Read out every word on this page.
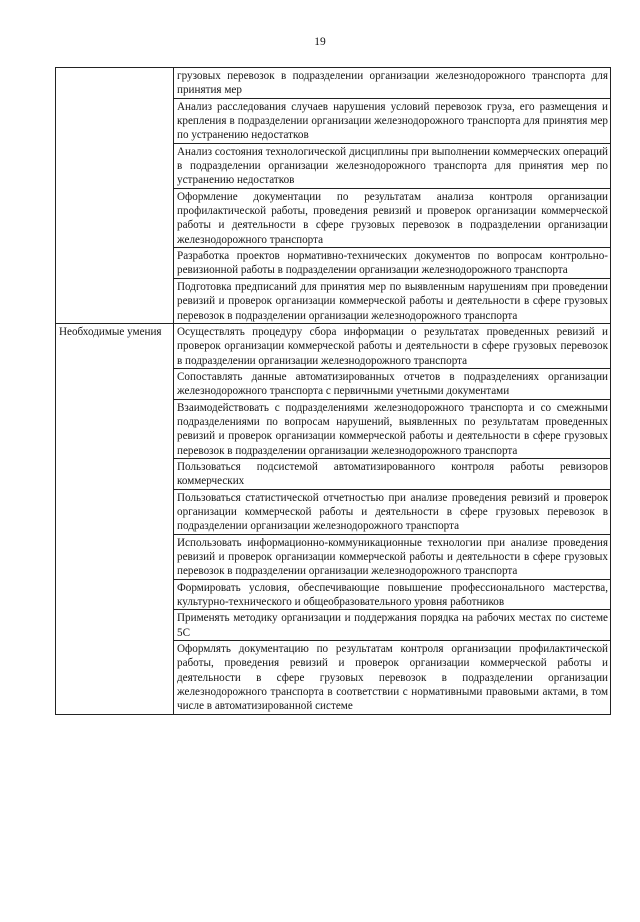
19

	грузовых перевозок в подразделении организации железнодорожного транспорта для принятия мер

	Анализ расследования случаев нарушения условий перевозок груза, его размещения и крепления в подразделении организации железнодорожного транспорта для принятия мер по устранению недостатков

	Анализ состояния технологической дисциплины при выполнении коммерческих операций в подразделении организации железнодорожного транспорта для принятия мер по устранению недостатков

	Оформление документации по результатам анализа контроля организации профилактической работы, проведения ревизий и проверок организации коммерческой работы и деятельности в сфере грузовых перевозок в подразделении организации железнодорожного транспорта

	Разработка проектов нормативно-технических документов по вопросам контрольно-ревизионной работы в подразделении организации железнодорожного транспорта

	Подготовка предписаний для принятия мер по выявленным нарушениям при проведении ревизий и проверок организации коммерческой работы и деятельности в сфере грузовых перевозок в подразделении организации железнодорожного транспорта

Необходимые умения	Осуществлять процедуру сбора информации о результатах проведенных ревизий и проверок организации коммерческой работы и деятельности в сфере грузовых перевозок в подразделении организации железнодорожного транспорта

	Сопоставлять данные автоматизированных отчетов в подразделениях организации железнодорожного транспорта с первичными учетными документами

	Взаимодействовать с подразделениями железнодорожного транспорта и со смежными подразделениями по вопросам нарушений, выявленных по результатам проведенных ревизий и проверок организации коммерческой работы и деятельности в сфере грузовых перевозок в подразделении организации железнодорожного транспорта

	Пользоваться подсистемой автоматизированного контроля работы ревизоров коммерческих

	Пользоваться статистической отчетностью при анализе проведения ревизий и проверок организации коммерческой работы и деятельности в сфере грузовых перевозок в подразделении организации железнодорожного транспорта

	Использовать информационно-коммуникационные технологии при анализе проведения ревизий и проверок организации коммерческой работы и деятельности в сфере грузовых перевозок в подразделении организации железнодорожного транспорта

	Формировать условия, обеспечивающие повышение профессионального мастерства, культурно-технического и общеобразовательного уровня работников

	Применять методику организации и поддержания порядка на рабочих местах по системе 5С

	Оформлять документацию по результатам контроля организации профилактической работы, проведения ревизий и проверок организации коммерческой работы и деятельности в сфере грузовых перевозок в подразделении организации железнодорожного транспорта в соответствии с нормативными правовыми актами, в том числе в автоматизированной системе
